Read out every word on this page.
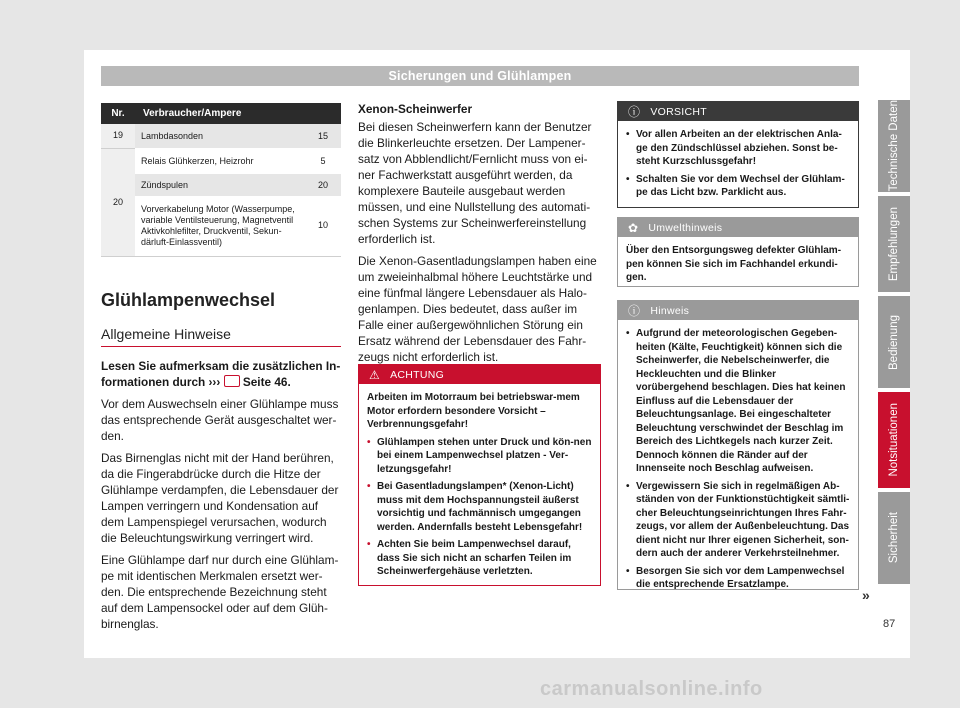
Sicherungen und Glühlampen
Technische Daten
Empfehlungen
Bedienung
Notsituationen
Sicherheit
Nr.	Verbraucher/Ampere	
19	Lambdasonden	15
20	Relais Glühkerzen, Heizrohr	5
	Zündspulen	20
	Vorverkabelung Motor (Wasserpumpe, variable Ventilsteuerung, Magnetventil Aktivkohlefilter, Druckventil, Sekundärluft-Einlassventil)	10
Glühlampenwechsel
Allgemeine Hinweise

Lesen Sie aufmerksam die zusätzlichen In-formationen durch ›››  Seite 46.

Vor dem Auswechseln einer Glühlampe muss das entsprechende Gerät ausgeschaltet wer-den.

Das Birnenglas nicht mit der Hand berühren, da die Fingerabdrücke durch die Hitze der Glühlampe verdampfen, die Lebensdauer der Lampen verringern und Kondensation auf dem Lampenspiegel verursachen, wodurch die Beleuchtungswirkung verringert wird.

Eine Glühlampe darf nur durch eine Glühlam-pe mit identischen Merkmalen ersetzt wer-den. Die entsprechende Bezeichnung steht auf dem Lampensockel oder auf dem Glüh-birnenglas.

Xenon-Scheinwerfer

Bei diesen Scheinwerfern kann der Benutzer die Blinkerleuchte ersetzen. Der Lampener-satz von Abblendlicht/Fernlicht muss von ei-ner Fachwerkstatt ausgeführt werden, da komplexere Bauteile ausgebaut werden müssen, und eine Nullstellung des automati-schen Systems zur Scheinwerfereinstellung erforderlich ist.

Die Xenon-Gasentladungslampen haben eine um zweieinhalbmal höhere Leuchtstärke und eine fünfmal längere Lebensdauer als Halo-genlampen. Dies bedeutet, dass außer im Falle einer außergewöhnlichen Störung ein Ersatz während der Lebensdauer des Fahr-zeugs nicht erforderlich ist.

⚠ ACHTUNG

Arbeiten im Motorraum bei betriebswar-mem Motor erfordern besondere Vorsicht – Verbrennungsgefahr!

• Glühlampen stehen unter Druck und kön-nen bei einem Lampenwechsel platzen - Ver-letzungsgefahr!
• Bei Gasentladungslampen* (Xenon-Licht) muss mit dem Hochspannungsteil äußerst vorsichtig und fachmännisch umgegangen werden. Andernfalls besteht Lebensgefahr!
• Achten Sie beim Lampenwechsel darauf, dass Sie sich nicht an scharfen Teilen im Scheinwerfergehäuse verletzten.
ⓘ VORSICHT
• Vor allen Arbeiten an der elektrischen Anla-ge den Zündschlüssel abziehen. Sonst be-steht Kurzschlussgefahr!
• Schalten Sie vor dem Wechsel der Glühlam-pe das Licht bzw. Parklicht aus.
✿ Umwelthinweis
Über den Entsorgungsweg defekter Glühlam-pen können Sie sich im Fachhandel erkundi-gen.
ⓘ Hinweis
• Aufgrund der meteorologischen Gegeben-heiten (Kälte, Feuchtigkeit) können sich die Scheinwerfer, die Nebelscheinwerfer, die Heckleuchten und die Blinker vorübergehend beschlagen. Dies hat keinen Einfluss auf die Lebensdauer der Beleuchtungsanlage. Bei eingeschalteter Beleuchtung verschwindet der Beschlag im Bereich des Lichtkegels nach kurzer Zeit. Dennoch können die Ränder auf der Innenseite noch Beschlag aufweisen.
• Vergewissern Sie sich in regelmäßigen Ab-ständen von der Funktionstüchtigkeit sämtli-cher Beleuchtungseinrichtungen Ihres Fahr-zeugs, vor allem der Außenbeleuchtung. Das dient nicht nur Ihrer eigenen Sicherheit, son-dern auch der anderer Verkehrsteilnehmer.
• Besorgen Sie sich vor dem Lampenwechsel die entsprechende Ersatzlampe.
»
87
carmanualsonline.info
